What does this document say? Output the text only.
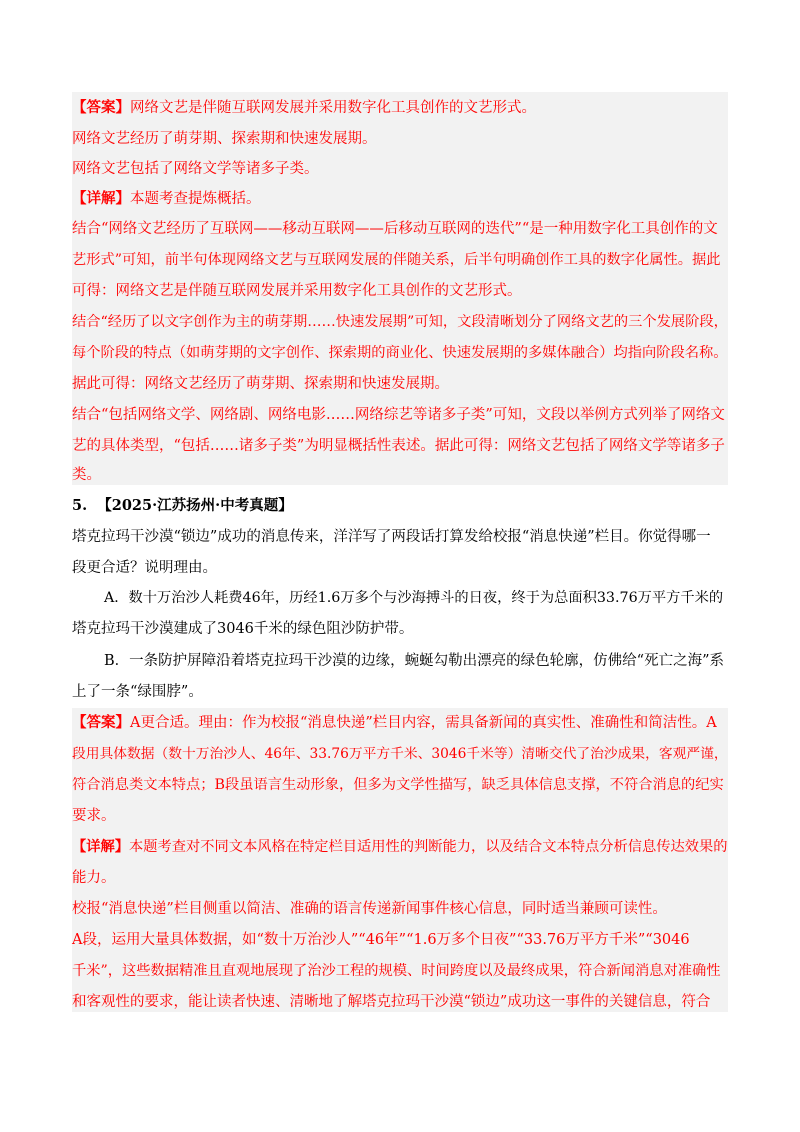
【答案】网络文艺是伴随互联网发展并采用数字化工具创作的文艺形式。
网络文艺经历了萌芽期、探索期和快速发展期。
网络文艺包括了网络文学等诸多子类。
【详解】本题考查提炼概括。
结合“网络文艺经历了互联网——移动互联网——后移动互联网的迭代”“是一种用数字化工具创作的文
艺形式”可知，前半句体现网络文艺与互联网发展的伴随关系，后半句明确创作工具的数字化属性。据此
可得：网络文艺是伴随互联网发展并采用数字化工具创作的文艺形式。
结合“经历了以文字创作为主的萌芽期……快速发展期”可知，文段清晰划分了网络文艺的三个发展阶段，
每个阶段的特点（如萌芽期的文字创作、探索期的商业化、快速发展期的多媒体融合）均指向阶段名称。
据此可得：网络文艺经历了萌芽期、探索期和快速发展期。
结合“包括网络文学、网络剧、网络电影……网络综艺等诸多子类”可知，文段以举例方式列举了网络文
艺的具体类型，“包括……诸多子类”为明显概括性表述。据此可得：网络文艺包括了网络文学等诸多子
类。
5. 【2025·江苏扬州·中考真题】
塔克拉玛干沙漠“锁边”成功的消息传来，洋洋写了两段话打算发给校报“消息快递”栏目。你觉得哪一
段更合适？说明理由。
A．数十万治沙人耗费46年，历经1.6万多个与沙海搏斗的日夜，终于为总面积33.76万平方千米的
塔克拉玛干沙漠建成了3046千米的绿色阻沙防护带。
B．一条防护屏障沿着塔克拉玛干沙漠的边缘，蜿蜒勾勒出漂亮的绿色轮廓，仿佛给“死亡之海”系
上了一条“绿围脖”。
【答案】A更合适。理由：作为校报“消息快递”栏目内容，需具备新闻的真实性、准确性和简洁性。A
段用具体数据（数十万治沙人、46年、33.76万平方千米、3046千米等）清晰交代了治沙成果，客观严谨，
符合消息类文本特点；B段虽语言生动形象，但多为文学性描写，缺乏具体信息支撑，不符合消息的纪实
要求。
【详解】本题考查对不同文本风格在特定栏目适用性的判断能力，以及结合文本特点分析信息传达效果的
能力。
校报“消息快递”栏目侧重以简洁、准确的语言传递新闻事件核心信息，同时适当兼顾可读性。
A段，运用大量具体数据，如“数十万治沙人”“46年”“1.6万多个日夜”“33.76万平方千米”“3046
千米”，这些数据精准且直观地展现了治沙工程的规模、时间跨度以及最终成果，符合新闻消息对准确性
和客观性的要求，能让读者快速、清晰地了解塔克拉玛干沙漠“锁边”成功这一事件的关键信息，符合
